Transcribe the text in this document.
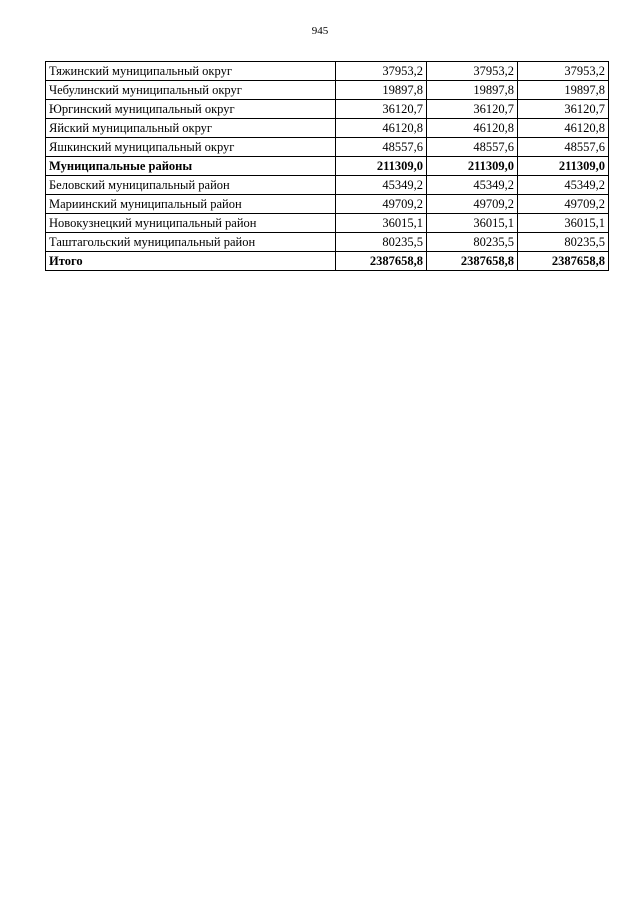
945
Тяжинский муниципальный округ	37953,2	37953,2	37953,2
Чебулинский муниципальный округ	19897,8	19897,8	19897,8
Юргинский муниципальный округ	36120,7	36120,7	36120,7
Яйский муниципальный округ	46120,8	46120,8	46120,8
Яшкинский муниципальный округ	48557,6	48557,6	48557,6
Муниципальные районы	211309,0	211309,0	211309,0
Беловский муниципальный район	45349,2	45349,2	45349,2
Мариинский муниципальный район	49709,2	49709,2	49709,2
Новокузнецкий муниципальный район	36015,1	36015,1	36015,1
Таштагольский муниципальный район	80235,5	80235,5	80235,5
Итого	2387658,8	2387658,8	2387658,8
